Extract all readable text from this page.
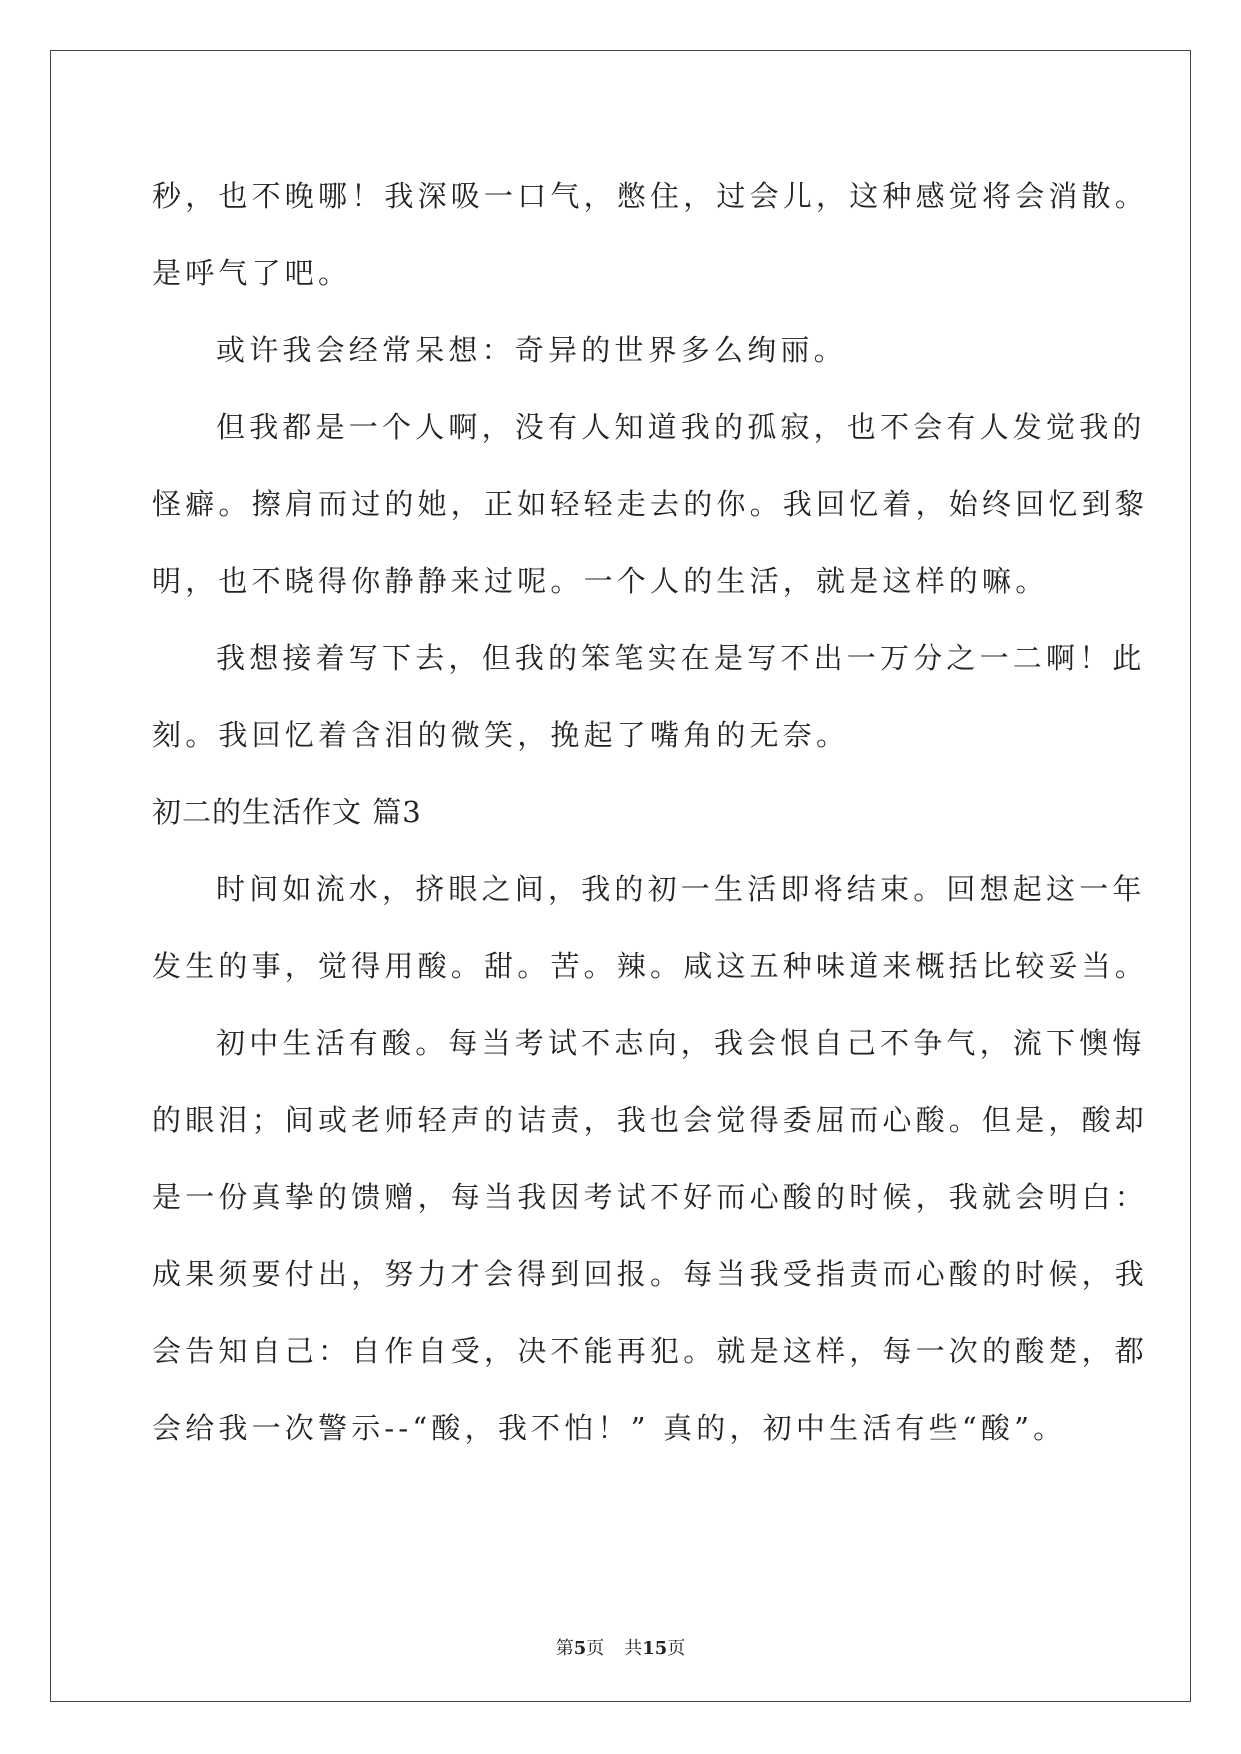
秒，也不晚哪！我深吸一口气，憋住，过会儿，这种感觉将会消散。

是呼气了吧。

或许我会经常呆想：奇异的世界多么绚丽。

但我都是一个人啊，没有人知道我的孤寂，也不会有人发觉我的

怪癖。擦肩而过的她，正如轻轻走去的你。我回忆着，始终回忆到黎

明，也不晓得你静静来过呢。一个人的生活，就是这样的嘛。

我想接着写下去，但我的笨笔实在是写不出一万分之一二啊！此

刻。我回忆着含泪的微笑，挽起了嘴角的无奈。

初二的生活作文 篇3

时间如流水，挤眼之间，我的初一生活即将结束。回想起这一年

发生的事，觉得用酸。甜。苦。辣。咸这五种味道来概括比较妥当。

初中生活有酸。每当考试不志向，我会恨自己不争气，流下懊悔

的眼泪；间或老师轻声的诘责，我也会觉得委屈而心酸。但是，酸却

是一份真挚的馈赠，每当我因考试不好而心酸的时候，我就会明白：

成果须要付出，努力才会得到回报。每当我受指责而心酸的时候，我

会告知自己：自作自受，决不能再犯。就是这样，每一次的酸楚，都

会给我一次警示--“酸，我不怕！” 真的，初中生活有些“酸”。

第5页 共15页
